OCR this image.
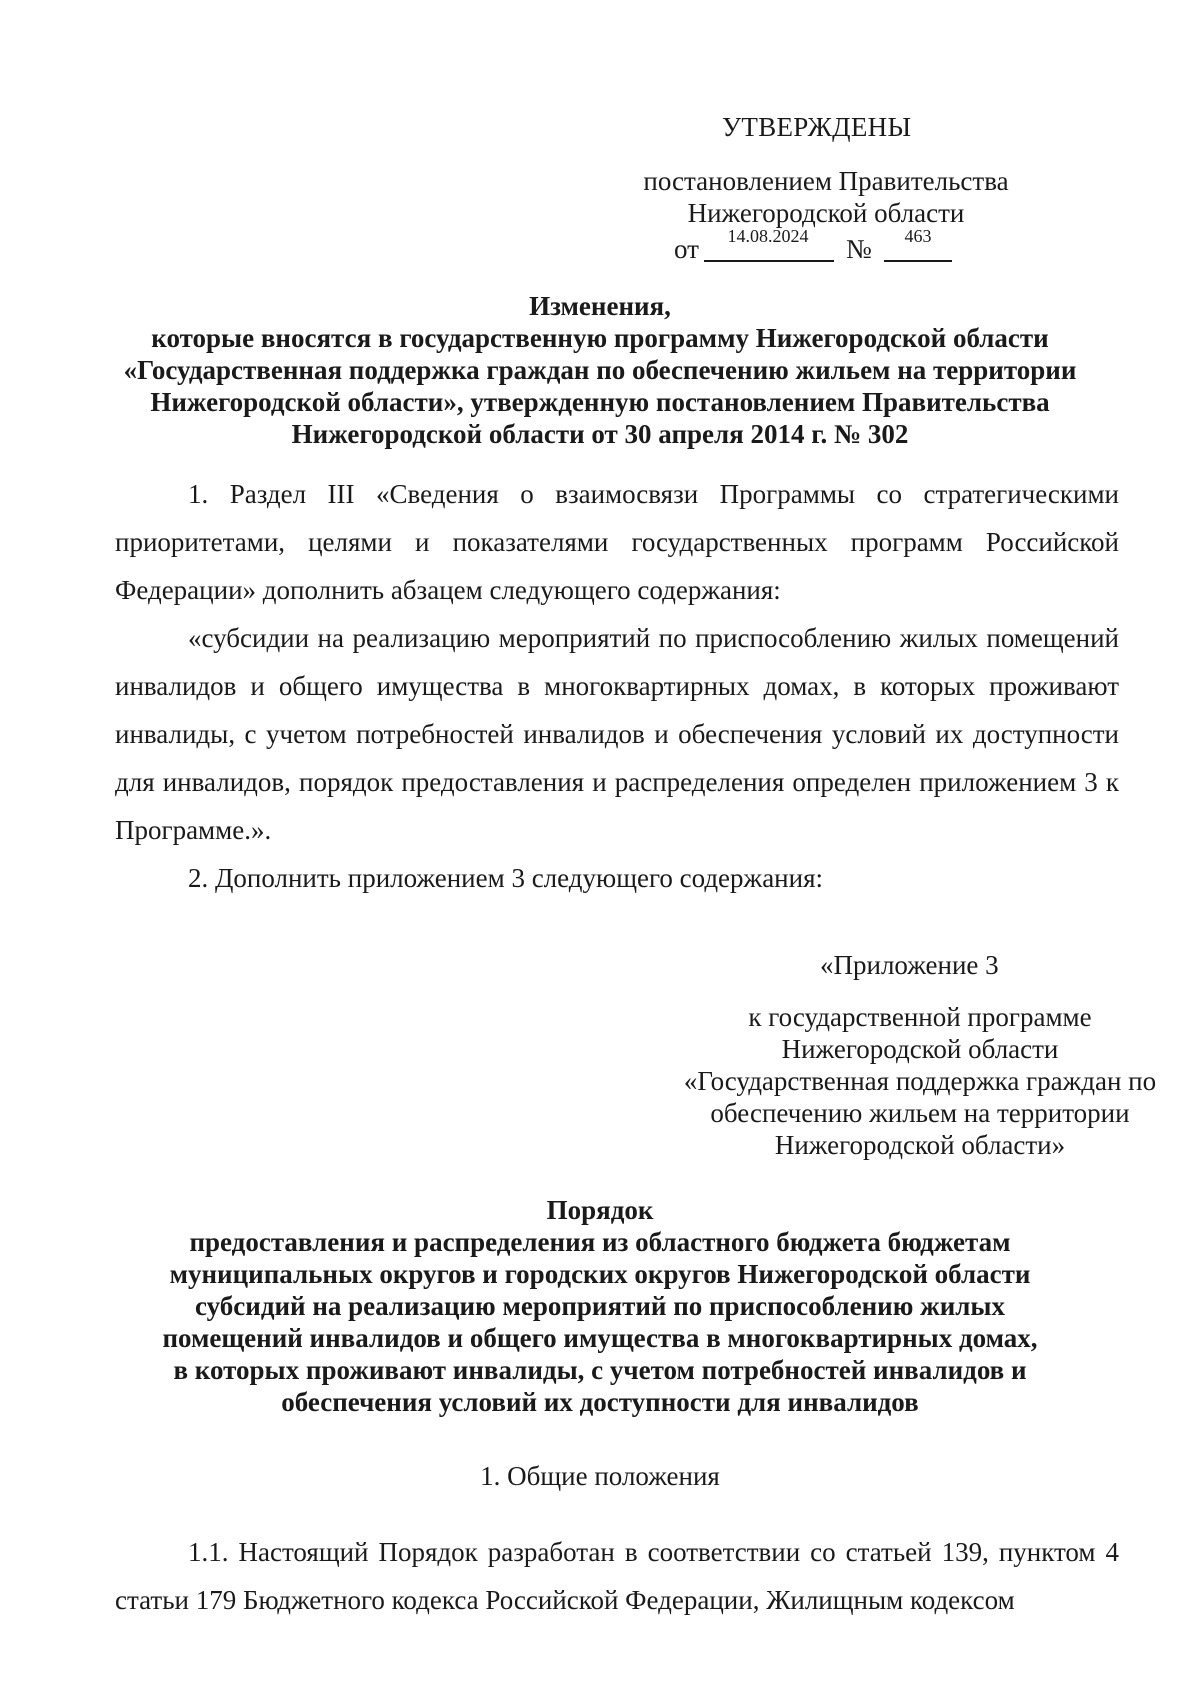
УТВЕРЖДЕНЫ
постановлением Правительства
Нижегородской области
от	14.08.2024	№	463
Изменения,
которые вносятся в государственную программу Нижегородской области
«Государственная поддержка граждан по обеспечению жильем на территории
Нижегородской области», утвержденную постановлением Правительства
Нижегородской области от 30 апреля 2014 г. № 302

1. Раздел III «Сведения о взаимосвязи Программы со стратегическими приоритетами, целями и показателями государственных программ Российской Федерации» дополнить абзацем следующего содержания:

«субсидии на реализацию мероприятий по приспособлению жилых помещений инвалидов и общего имущества в многоквартирных домах, в которых проживают инвалиды, с учетом потребностей инвалидов и обеспечения условий их доступности для инвалидов, порядок предоставления и распределения определен приложением 3 к Программе.».

2. Дополнить приложением 3 следующего содержания:

«Приложение 3
к государственной программе
Нижегородской области
«Государственная поддержка граждан по
обеспечению жильем на территории
Нижегородской области»
Порядок
предоставления и распределения из областного бюджета бюджетам
муниципальных округов и городских округов Нижегородской области
субсидий на реализацию мероприятий по приспособлению жилых
помещений инвалидов и общего имущества в многоквартирных домах,
в которых проживают инвалиды, с учетом потребностей инвалидов и
обеспечения условий их доступности для инвалидов
1. Общие положения

1.1. Настоящий Порядок разработан в соответствии со статьей 139, пунктом 4 статьи 179 Бюджетного кодекса Российской Федерации, Жилищным кодексом
